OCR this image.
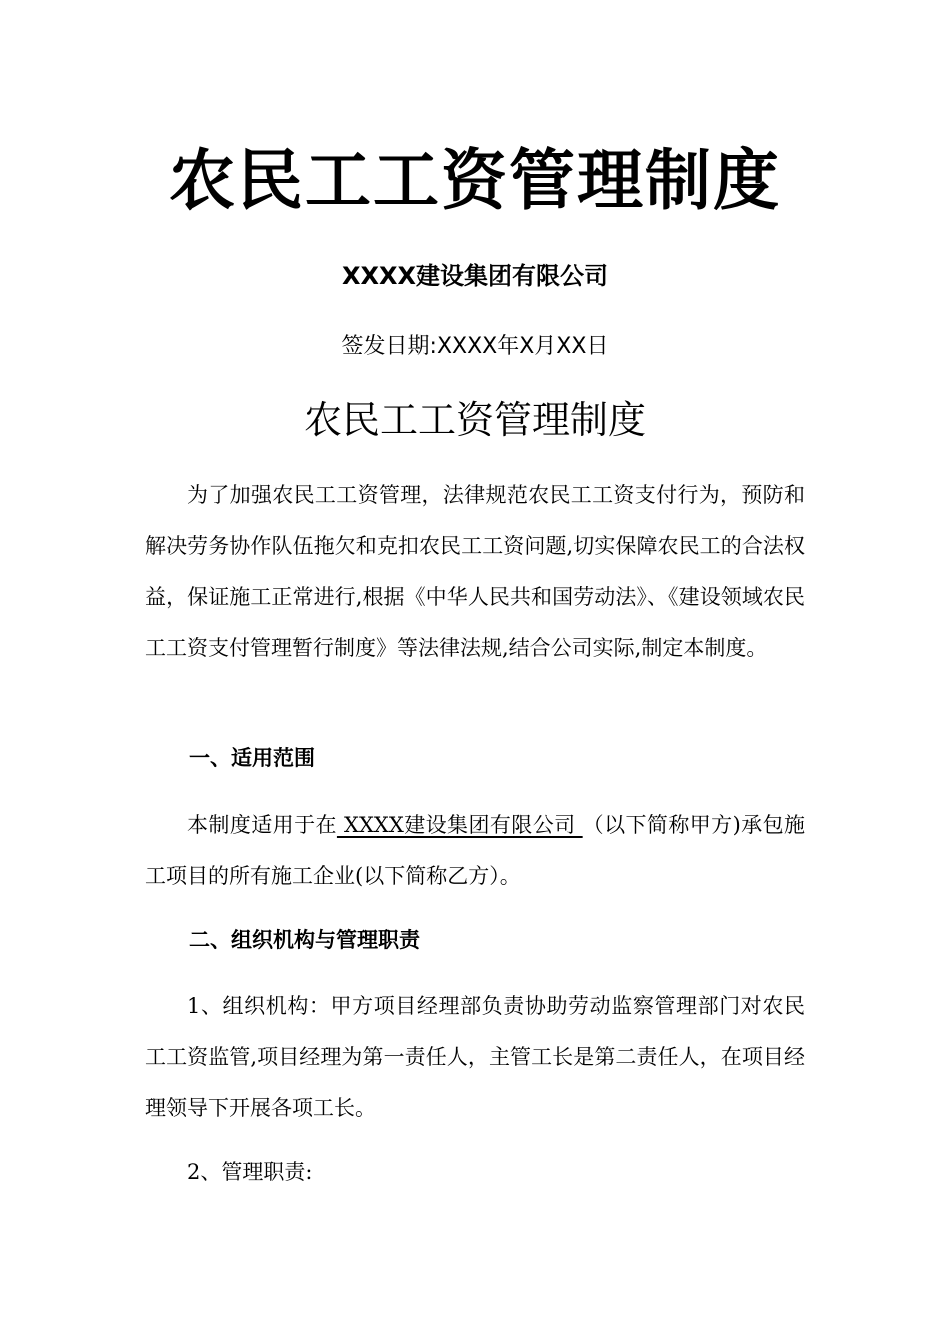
农民工工资管理制度
XXXX建设集团有限公司
签发日期:XXXX年X月XX日
农民工工资管理制度

为了加强农民工工资管理，法律规范农民工工资支付行为，预防和解决劳务协作队伍拖欠和克扣农民工工资问题,切实保障农民工的合法权益，保证施工正常进行,根据《中华人民共和国劳动法》、《建设领域农民工工资支付管理暂行制度》等法律法规,结合公司实际,制定本制度。

一、适用范围

本制度适用于在 XXXX建设集团有限公司 （以下简称甲方)承包施工项目的所有施工企业(以下简称乙方）。

二、组织机构与管理职责

1、组织机构：甲方项目经理部负责协助劳动监察管理部门对农民工工资监管,项目经理为第一责任人，主管工长是第二责任人，在项目经理领导下开展各项工长。

2、管理职责:
